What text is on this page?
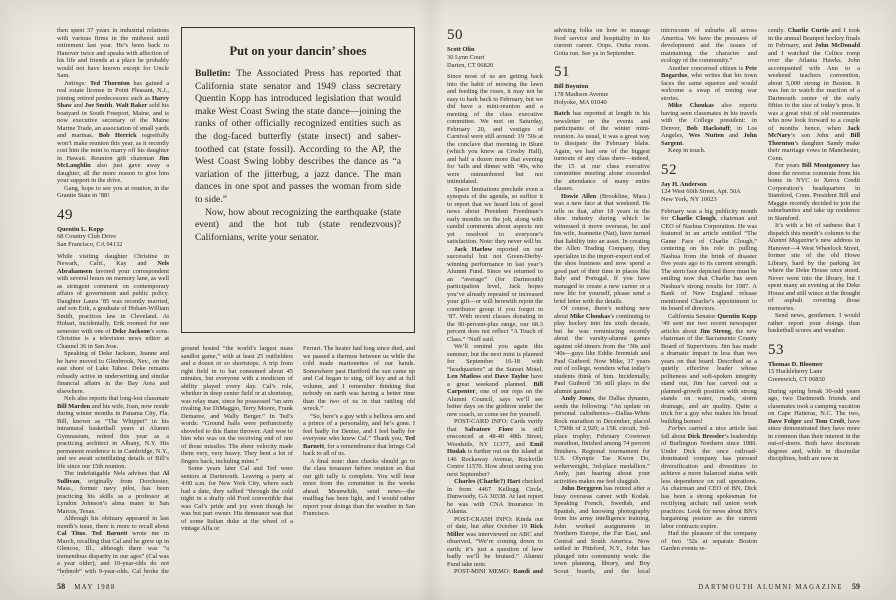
then spent 37 years in industrial relations with various firms in the midwest until retirement last year. He’s been back to Hanover twice and speaks with affection of his life and friends at a place he probably would not have known except for Uncle Sam.

Jottings: Ted Thornton has gained a real estate license in Point Pleasant, N.J., joining retired predecessors such as Harry Shaw and Joe Smith. Walt Baker sold his boatyard in South Freeport, Maine, and is now executive secretary of the Maine Marine Trade, an association of small yards and marinas. Bob Herrick regretfully won’t make reunion this year, as it recently cost him the mint to marry off his daughter in Hawaii. Reunion gift chairman Jim McLaughlin also just gave away a daughter, all the more reason to give him your support in the drive.

Gang, hope to see you at reunion, in the Granite State in ’88!

49
Quentin L. Kopp
68 Country Club Drive
San Francisco, CA 94132

While visiting daughter Christine in Newark, Calif., Kay and Nels Abrahamsen favored your correspondent with several hours on memory lane, as well as stringent comment on contemporary affairs of government and public policy. Daughter Laura ’85 was recently married, and son Erik, a graduate of Hobart-William Smith, practices law in Cleveland. At Hobart, incidentally, Erik roomed for one semester with one of Deke Jackson’s sons. Christine is a television news editor at Channel 36 in San Jose.

Speaking of Deke Jackson, Jeanne and he have moved to Glenbrook, Nev., on the east shore of Lake Tahoe. Deke remains robustly active in underwriting and similar financial affairs in the Bay Area and elsewhere.

Nels also reports that long-lost classmate Bill Marden and his wife, Joan, now reside during winter months in Panama City, Fla. Bill, known as “The Whippet” in his intramural basketball years at Alumni Gymnasium, retired this year as a practicing architect in Albany, N.Y. His permanent residence is in Cambridge, N.Y., and we await scintillating details of Bill’s life since our 15th reunion.

The indefatigable Nels advises that Al Sullivan, originally from Dorchester, Mass., former navy pilot, has been practicing his skills as a professor at Lyndon Johnson’s alma mater in San Marcos, Texas.

Although his obituary appeared in last month’s issue, there is more to recall about Cal Titus. Ted Barnett wrote me in March, recalling that Cal and he grew up in Glencoe, Ill., although there was “a tremendous disparity in our ages” (Cal was a year older), and 10-year-olds do not “hobnob” with 9-year-olds. Cal broke the

Put on your dancin’ shoes

Bulletin: The Associated Press has reported that California state senator and 1949 class secretary Quentin Kopp has introduced legislation that would make West Coast Swing the state dance—joining the ranks of other officially recognized entities such as the dog-faced butterfly (state insect) and saber-toothed cat (state fossil). According to the AP, the West Coast Swing lobby describes the dance as “a variation of the jitterbug, a jazz dance. The man dances in one spot and passes the woman from side to side.”

Now, how about recognizing the earthquake (state event) and the hot tub (state rendezvous)? Californians, write your senator.

ground hosted “the world’s largest mass sandlot game,” with at least 25 outfielders and a dozen or so shortstops. A trip from right field in to bat consumed about 45 minutes, but everyone with a modicum of ability played every day. Cal’s role, whether in deep center field or at shortstop, was relay man, since he possessed “an arm rivaling Joe DiMaggio, Terry Moore, Frank Demaree, and Wally Berger.” In Ted’s words: “Ground balls were perfunctorily shoveled to this flame thrower. And woe to him who was on the receiving end of one of those missiles. The sheer velocity made them very, very heavy. They bent a lot of fingers back, including mine.”

Some years later Cal and Ted were seniors at Dartmouth. Leaving a party at 4:00 a.m. for New York City, where each had a date, they sallied “through the cold night in a drafty old Ford convertible that was Cal’s pride and joy even though he was but part owner. His demeanor was that of some Italian duke at the wheel of a vintage Alfa or

Ferrari. The heater had long since died, and we passed a thermos between us while the cold made marionettes of our hands. Somewhere past Hartford the sun came up and Cal began to sing, off key and at full volume, and I remember thinking that nobody on earth was having a better time than the two of us in that rattling old wreck.”

“So, here’s a guy with a helluva arm and a prince of a personality, and he’s gone. I feel badly for Denise, and I feel badly for everyone who knew Cal.” Thank you, Ted Barnett, for a remembrance that brings Cal back to all of us.

A final note: dues checks should go to the class treasurer before reunion so that our gift tally is complete. You will hear more from the committee in the weeks ahead. Meanwhile, send news—the mailbag has been light, and I would rather report your doings than the weather in San Francisco.

50
Scott Olin
30 Lynn Court
Darien, CT 06820

Since most of us are getting back into the habit of mowing the lawn and feeding the roses, it may not be easy to hark back to February, but we did have a mini-reunion and a meeting of the class executive committee. We met on Saturday, February 20, and vestiges of Carnival were still around: 19 ’50s at the conclave that morning in Blunt (which you knew as Crosby Hall), and half a dozen more that evening for ’tails and dinner with ’49s, who were outnumbered but not intimidated.

Space limitations preclude even a synopsis of the agenda, so suffice it to report that we heard lots of good news about President Freedman’s early months on the job, along with candid comments about aspects not yet resolved to everyone’s satisfaction. Note: they never will be.

Jack Harlow reported on our successful but not Green-Derby-winning performance in last year’s Alumni Fund. Since we returned to an “average” (for Dartmouth) participation level, Jack hopes you’ve already repeated or increased your gift—or will herewith rejoin the contributor group if you forgot in ’87. With recent classes donating in the 90-percent-plus range, our 68.3 percent does not reflect “A Touch of Class.” ’Nuff said.

We’ll remind you again this summer, but the next mini is planned for September 16-18 with “headquarters” at the Sunset Motel. Len Matless and Dave Taylor have a great weekend planned. Bill Carpenter, one of our reps on the Alumni Council, says we’ll see better days on the gridiron under the new coach, so come see for yourself.

POST-CARD INFO: Cards verify that Salvatore Fiore is still ensconced at 48-40 48th Street, Woodside, NY 11377, and Emil Hudak is further out on the island at 146 Rockaway Avenue, Rockville Centre 11570. How about seeing you next September?

Charles (Charlie?) Hart checked in from 4467 Kellogg Circle, Dunwoody, GA 30338. At last report he was with CNA Insurance in Atlanta.

POST-CRASH INFO: Kinda out of date, but after October 19 Rick Miller was interviewed on ABC and observed, “We’re coming down to earth; it’s just a question of how badly we’ll be bruised.” Alumni Fund take note.

POST-MINI MEMO: Randi and

advising folks on how to manage food service and hospitality in his current career. Oops. Outta room. Gotta run. See ya in September.

51
Bill Boynton
178 Madison Avenue
Holyoke, MA 01040

Batch has reported at length in his newsletter on the events and participants of the winter mini-reunion. As usual, it was a great way to dissipate the February blahs. Again, we had one of the biggest turnouts of any class there—indeed, the 15 at our class executive committee meeting alone exceeded the attendance of many entire classes.

Howie Allen (Brookline, Mass.) was a new face at that weekend. He tells us that, after 18 years in the shoe industry during which he witnessed it move overseas, he and his wife, Jeannette (Nat), have turned that liability into an asset. In creating the Allen Trading Company, they specialize in the import-export end of the shoe business and now spend a good part of their time in places like Italy and Portugal. If you have managed to create a new career or a new life for yourself, please send a brief letter with the details.

Of course, there’s nothing new about Mike Choukas’s continuing to play hockey into his sixth decade, but he was reminiscing recently about the varsity-alumni games against old-timers from the ’30s and ’40s—guys like Eddie Jeremiah and Paul Guibord. Now Mike, 37 years out of college, wonders what today’s students think of him. Incidentally, Paul Guibord ’36 still plays in the alumni games!

Andy Jones, the Dallas dynamo, sends the following: “An update on personal calisthenics—Dallas-White Rock marathon in December, placed 1,750th of 2,920; a 15K circuit, 3rd-place trophy; February Cowtown marathon, finished among 74 percent finishers. Regional tournament for U.S. Olympic Tae Kwon Do, welterweight, 3rd-place medallion.” Andy, just hearing about your activities makes me feel sluggish.

John Berggren has retired after a busy overseas career with Kodak. Speaking French, Swedish, and Spanish, and knowing photography from his army intelligence training, John worked assignments in Northern Europe, the Far East, and Central and South America. Now settled in Pittsford, N.Y., John has plunged into community work: the town planning, library, and Boy Scout boards, and the local

microcosm of suburbs all across America. We have the pressures of development and the issues of maintaining the character and ecology of the community.”

Another concerned citizen is Pete Bogardus, who writes that his town faces the same squeeze and would welcome a swap of zoning war stories.

Mike Choukas also reports having seen classmates in his travels with the College president: in Denver, Bob Hackstaff; in Los Angeles, Wes Nutten and John Sargent.

Keep in touch.

52
Jay H. Anderson
124 West 60th Street, Apt. 50A
New York, NY 10023

February was a big publicity month for Charlie Clough, chairman and CEO of Nashua Corporation. He was featured in an article entitled “The Game Face of Charlie Clough,” centering on his role in pulling Nashua from the brink of disaster five years ago to its current strength. The stern face depicted there must be smiling now that Charlie has seen Nashua’s strong results for 1987. A Bank of New England release mentioned Charlie’s appointment to its board of directors.

California Senator Quentin Kopp ’49 sent me two recent newspaper articles about Jim Streng, the new chairman of the Sacramento County Board of Supervisors. Jim has made a dramatic impact in less than two years on that board. Described as a quietly effective leader whose politeness and soft-spoken integrity stand out, Jim has carved out a planned-growth position with strong stands on water, roads, storm drainage, and air quality. Quite a trick for a guy who makes his bread building homes!

Forbes carried a nice article last fall about Dick Bressler’s leadership of Burlington Northern since 1980. Under Dick the once railroad-dominated company has pursued diversification and divestiture to achieve a more balanced status with less dependence on rail operations. As chairman and CEO of BN, Dick has been a strong spokesman for rectifying archaic rail union work practices. Look for news about BN’s bargaining posture as the current labor contracts expire.

Had the pleasure of the company of two ’52s at separate Boston Garden events re-

cently. Charlie Curtis and I took in the annual Beanpot hockey finals in February, and John McDonald and I watched the Celtics romp over the Atlanta Hawks. John accompanied wife Ann to a weekend teachers convention, about 5,000 strong in Boston. It was fun to watch the reaction of a Dartmouth center of the early fifties to the size of today’s pros. It was a great visit of old roommates who now look forward to a couple of months hence, when Jack McNary’s son John and Bill Thornton’s daughter Sandy make their marriage vows in Manchester, Conn.

For years Bill Montgomery has done the reverse commute from his home in NYC to Xerox Credit Corporation’s headquarters in Stamford, Conn. President Bill and Maggie recently decided to join the suburbanites and take up residence in Stamford.

It’s with a bit of sadness that I dispatch this month’s column to the Alumni Magazine’s new address in Hanover—4 West Wheelock Street, former site of the old Howe Library, hard by the parking lot where the Deke House once stood. Never went into the library, but I spent many an evening at the Deke House and still wince at the thought of asphalt covering those memories.

Send news, gentlemen. I would rather report your doings than basketball scores and weather.

53
Thomas D. Bloomer
15 Huckleberry Lane
Greenwich, CT 06830

During spring break 30-odd years ago, two Dartmouth friends and classmates took a camping vacation on Cape Hatteras, N.C. The two, Dave Folger and Tom Croft, have since demonstrated they have more in common than their interest in the out-of-doors. Both have doctorate degrees and, while in dissimilar disciplines, both are now in

58 MAY 1988	DARTMOUTH ALUMNI MAGAZINE 59
